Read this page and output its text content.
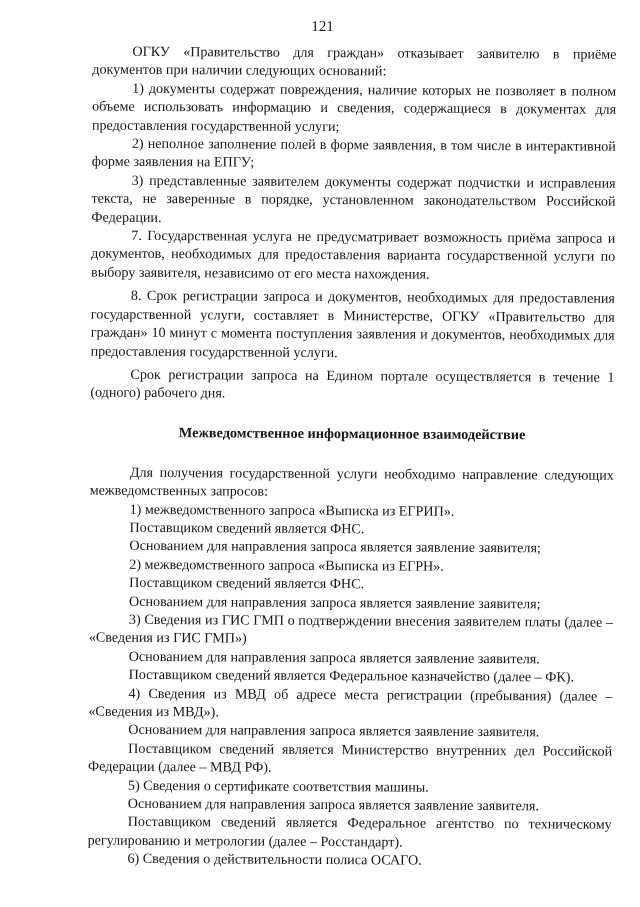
121

ОГКУ «Правительство для граждан» отказывает заявителю в приёме документов при наличии следующих оснований:

1) документы содержат повреждения, наличие которых не позволяет в полном объеме использовать информацию и сведения, содержащиеся в документах для предоставления государственной услуги;

2) неполное заполнение полей в форме заявления, в том числе в интерактивной форме заявления на ЕПГУ;

3) представленные заявителем документы содержат подчистки и исправления текста, не заверенные в порядке, установленном законодательством Российской Федерации.

7. Государственная услуга не предусматривает возможность приёма запроса и документов, необходимых для предоставления варианта государственной услуги по выбору заявителя, независимо от его места нахождения.

8. Срок регистрации запроса и документов, необходимых для предоставления государственной услуги, составляет в Министерстве, ОГКУ «Правительство для граждан» 10 минут с момента поступления заявления и документов, необходимых для предоставления государственной услуги.

Срок регистрации запроса на Едином портале осуществляется в течение 1 (одного) рабочего дня.

Межведомственное информационное взаимодействие

Для получения государственной услуги необходимо направление следующих межведомственных запросов:

1) межведомственного запроса «Выписка из ЕГРИП».

Поставщиком сведений является ФНС.

Основанием для направления запроса является заявление заявителя;

2) межведомственного запроса «Выписка из ЕГРН».

Поставщиком сведений является ФНС.

Основанием для направления запроса является заявление заявителя;

3) Сведения из ГИС ГМП о подтверждении внесения заявителем платы (далее – «Сведения из ГИС ГМП»)

Основанием для направления запроса является заявление заявителя.

Поставщиком сведений является Федеральное казначейство (далее – ФК).

4) Сведения из МВД об адресе места регистрации (пребывания) (далее – «Сведения из МВД»).

Основанием для направления запроса является заявление заявителя.

Поставщиком сведений является Министерство внутренних дел Российской Федерации (далее – МВД РФ).

5) Сведения о сертификате соответствия машины.

Основанием для направления запроса является заявление заявителя.

Поставщиком сведений является Федеральное агентство по техническому регулированию и метрологии (далее – Росстандарт).

6) Сведения о действительности полиса ОСАГО.
